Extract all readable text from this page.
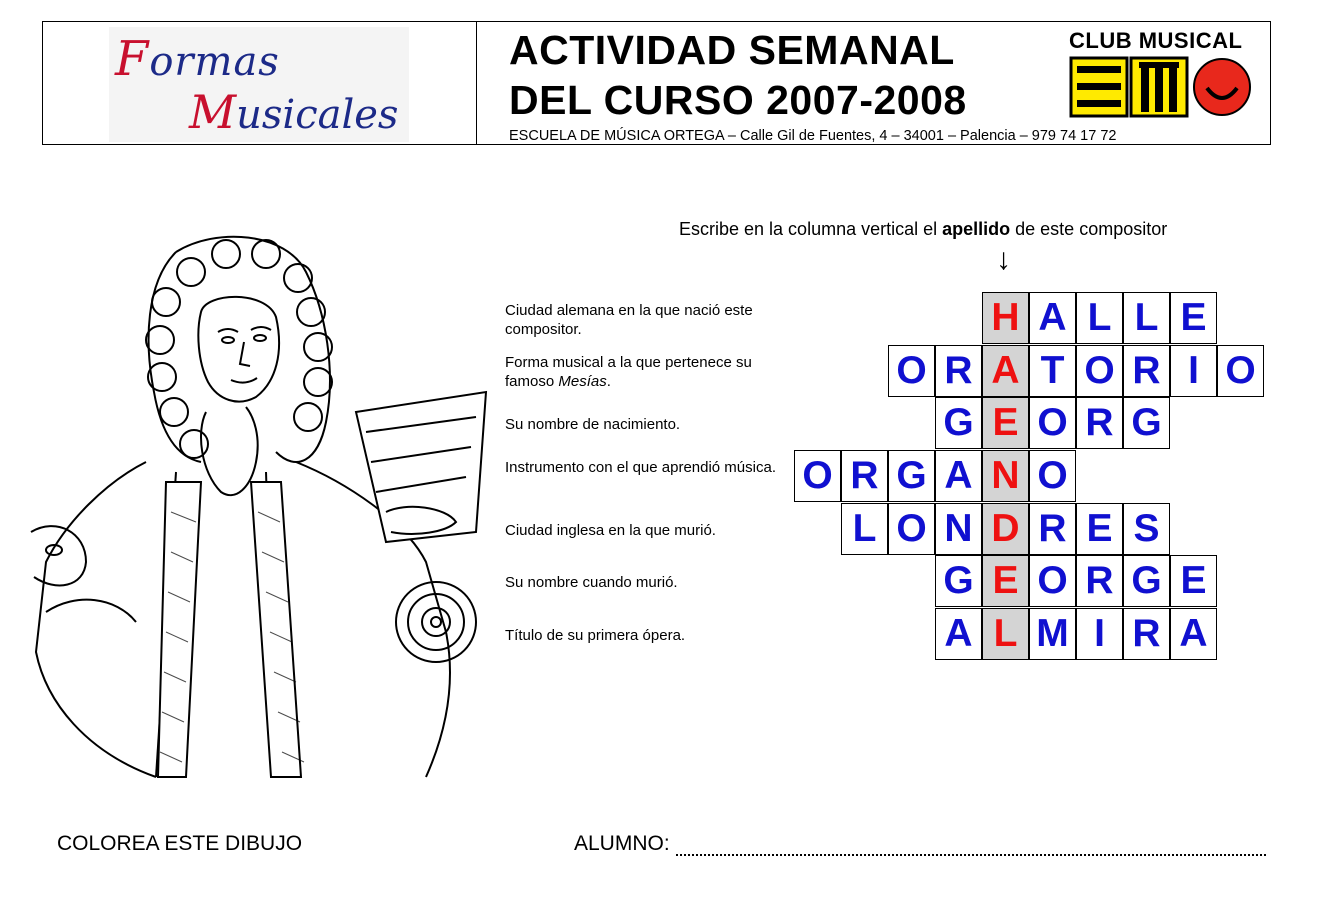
Formas
Musicales
ACTIVIDAD SEMANAL
DEL CURSO 2007-2008
ESCUELA DE MÚSICA ORTEGA – Calle Gil de Fuentes, 4 – 34001 – Palencia – 979 74 17 72
CLUB MUSICAL
Escribe en la columna vertical el apellido de este compositor
↓
Ciudad alemana en la que nació este compositor.
Forma musical a la que pertenece su famoso Mesías.
Su nombre de nacimiento.
Instrumento con el que aprendió música.
Ciudad inglesa en la que murió.
Su nombre cuando murió.
Título de su primera ópera.
H A L L E
O R A T O R I O
G E O R G
O R G A N O
L O N D R E S
G E O R G E
A L M I R A
COLOREA ESTE DIBUJO	ALUMNO:
